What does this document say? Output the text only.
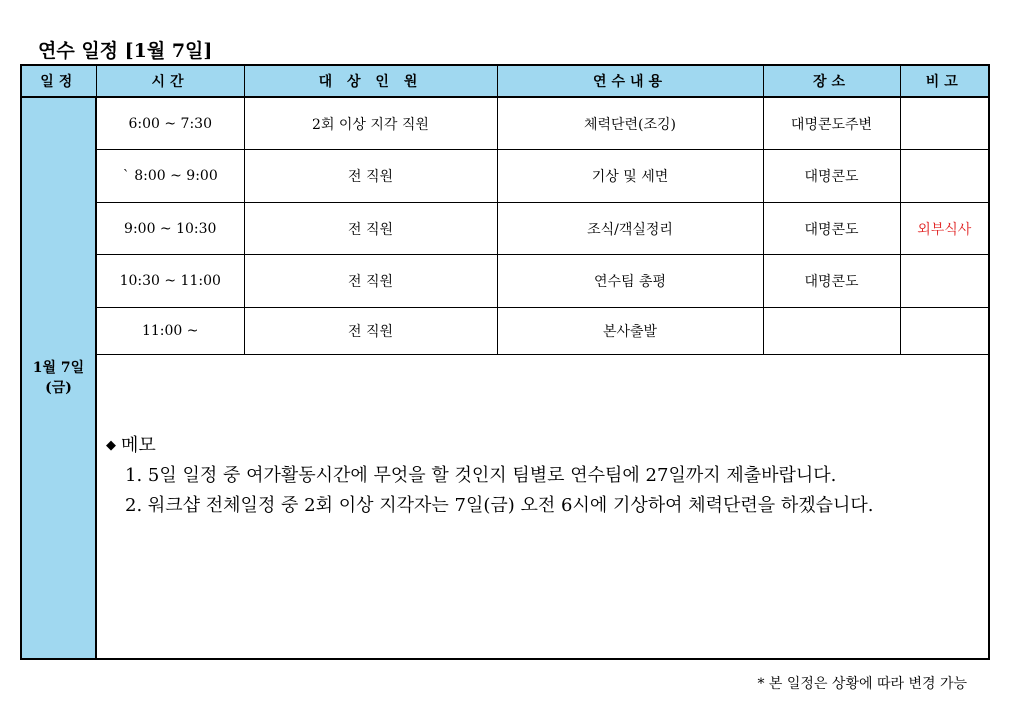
연수 일정 [1월 7일]
일정	시간	대 상 인 원	연수내용	장소	비고

1월 7일
(금)	6:00 ~ 7:30	2회 이상 지각 직원	체력단련(조깅)	대명콘도주변	
	` 8:00 ~ 9:00	전 직원	기상 및 세면	대명콘도	
	9:00 ~ 10:30	전 직원	조식/객실정리	대명콘도	외부식사
	10:30 ~ 11:00	전 직원	연수팀 총평	대명콘도	
	11:00 ~	전 직원	본사출발		

	◆ 메모
1. 5일 일정 중 여가활동시간에 무엇을 할 것인지 팀별로 연수팀에 27일까지 제출바랍니다.
2. 워크샵 전체일정 중 2회 이상 지각자는 7일(금) 오전 6시에 기상하여 체력단련을 하겠습니다.				
* 본 일정은 상황에 따라 변경 가능
